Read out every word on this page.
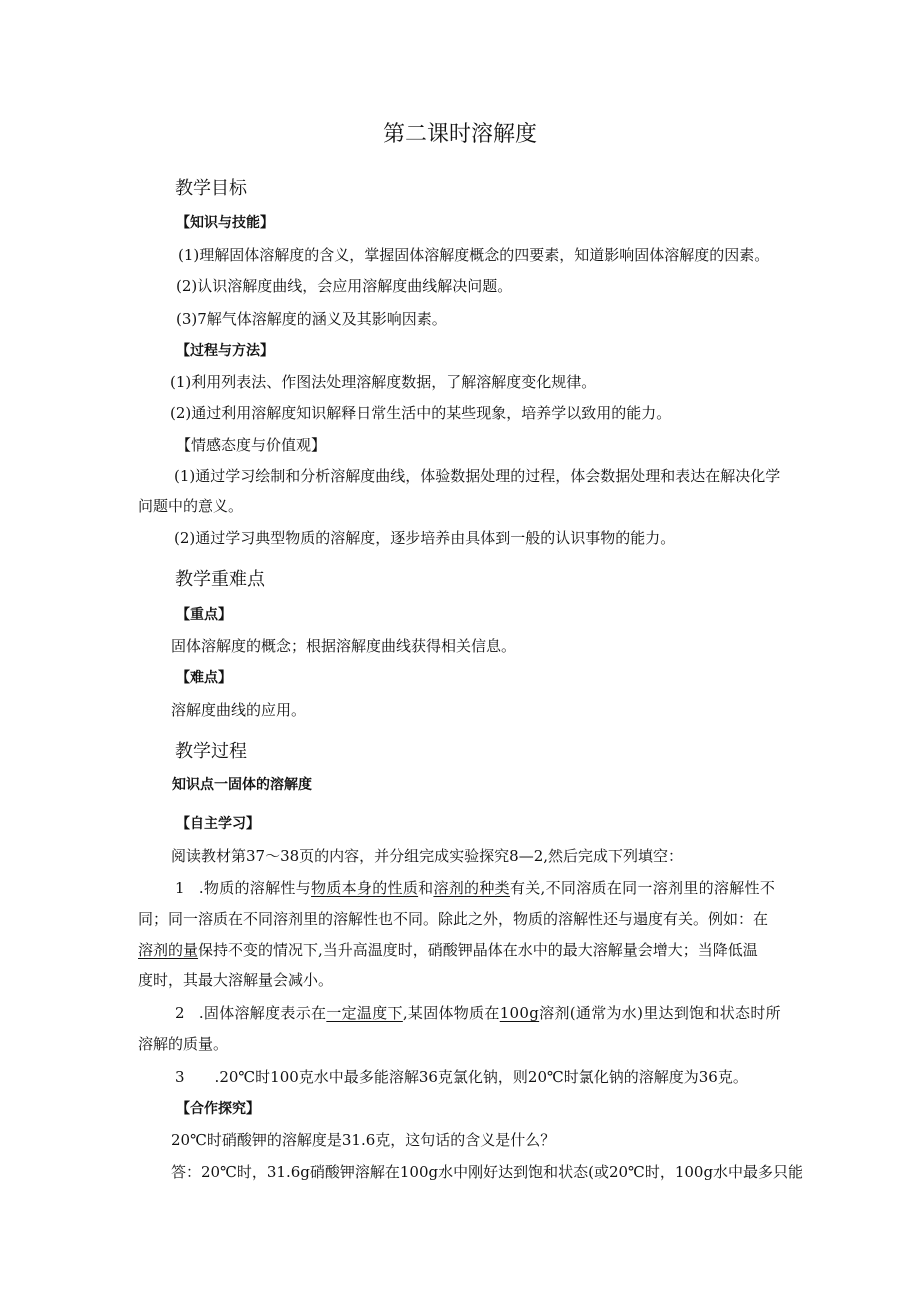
第二课时溶解度
教学目标
【知识与技能】
(1)理解固体溶解度的含义，掌握固体溶解度概念的四要素，知道影响固体溶解度的因素。
(2)认识溶解度曲线，会应用溶解度曲线解决问题。
(3)7解气体溶解度的涵义及其影响因素。
【过程与方法】
(1)利用列表法、作图法处理溶解度数据，了解溶解度变化规律。
(2)通过利用溶解度知识解释日常生活中的某些现象，培养学以致用的能力。
【情感态度与价值观】
(1)通过学习绘制和分析溶解度曲线，体验数据处理的过程，体会数据处理和表达在解决化学
问题中的意义。
(2)通过学习典型物质的溶解度，逐步培养由具体到一般的认识事物的能力。
教学重难点
【重点】
固体溶解度的概念；根据溶解度曲线获得相关信息。
【难点】
溶解度曲线的应用。
教学过程
知识点一固体的溶解度
【自主学习】
阅读教材第37～38页的内容，并分组完成实验探究8—2,然后完成下列填空：
1 .物质的溶解性与物质本身的性质和溶剂的种类有关,不同溶质在同一溶剂里的溶解性不
同；同一溶质在不同溶剂里的溶解性也不同。除此之外，物质的溶解性还与遢度有关。例如：在
溶剂的量保持不变的情况下,当升高温度时，硝酸钾晶体在水中的最大溶解量会增大；当降低温
度时，其最大溶解量会减小。
2 .固体溶解度表示在一定温度下,某固体物质在100g溶剂(通常为水)里达到饱和状态时所
溶解的质量。
3 .20℃时100克水中最多能溶解36克氯化钠，则20℃时氯化钠的溶解度为36克。
【合作探究】
20℃时硝酸钾的溶解度是31.6克，这句话的含义是什么？
答：20℃时，31.6g硝酸钾溶解在100g水中刚好达到饱和状态(或20℃时，100g水中最多只能
